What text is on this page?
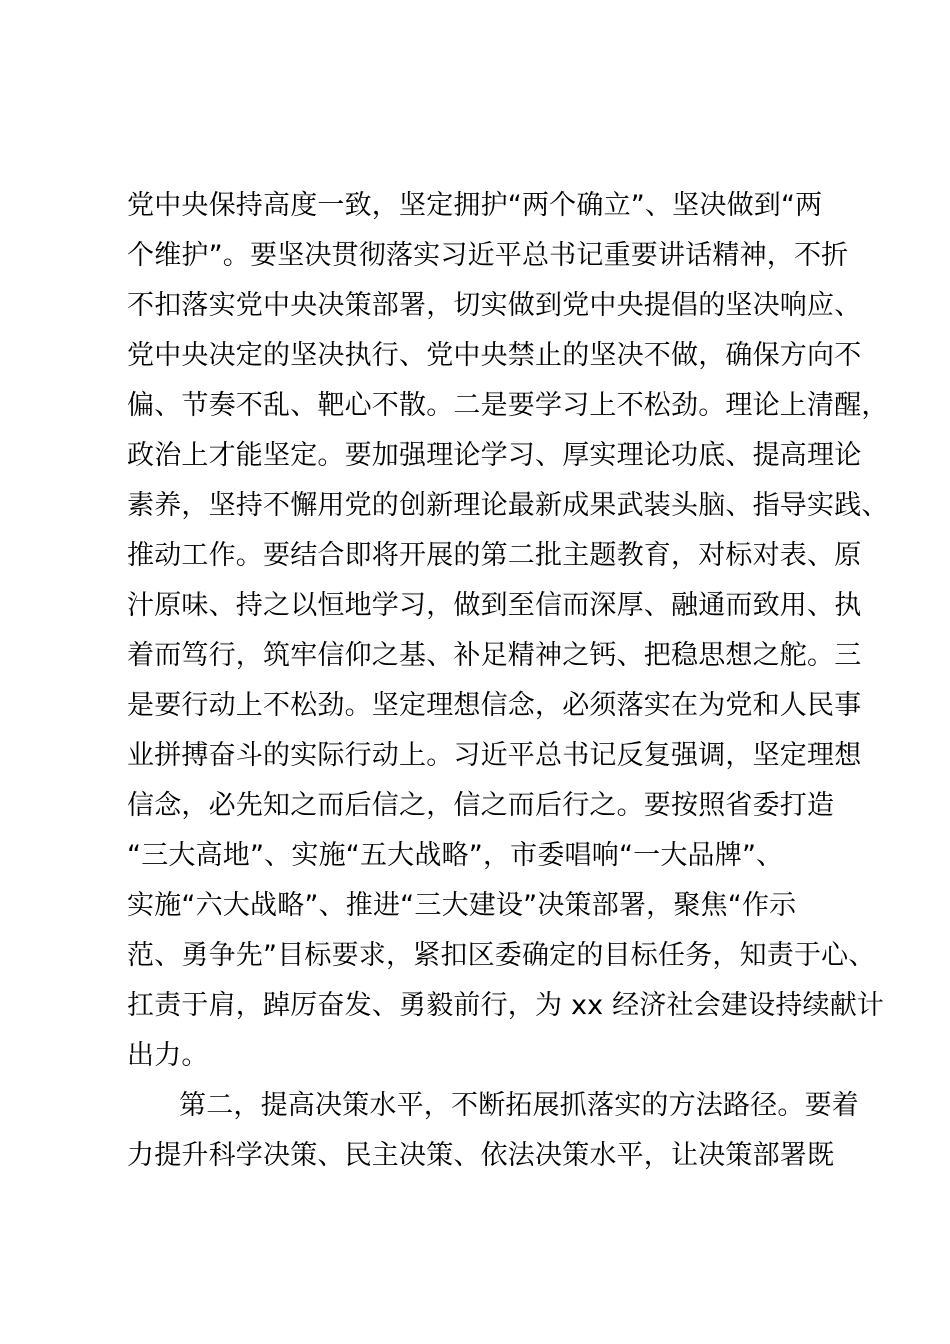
党中央保持高度一致，坚定拥护“两个确立”、坚决做到“两
个维护”。要坚决贯彻落实习近平总书记重要讲话精神，不折
不扣落实党中央决策部署，切实做到党中央提倡的坚决响应、
党中央决定的坚决执行、党中央禁止的坚决不做，确保方向不
偏、节奏不乱、靶心不散。二是要学习上不松劲。理论上清醒，
政治上才能坚定。要加强理论学习、厚实理论功底、提高理论
素养，坚持不懈用党的创新理论最新成果武装头脑、指导实践、
推动工作。要结合即将开展的第二批主题教育，对标对表、原
汁原味、持之以恒地学习，做到至信而深厚、融通而致用、执
着而笃行，筑牢信仰之基、补足精神之钙、把稳思想之舵。三
是要行动上不松劲。坚定理想信念，必须落实在为党和人民事
业拼搏奋斗的实际行动上。习近平总书记反复强调，坚定理想
信念，必先知之而后信之，信之而后行之。要按照省委打造
“三大高地”、实施“五大战略”，市委唱响“一大品牌”、
实施“六大战略”、推进“三大建设”决策部署，聚焦“作示
范、勇争先”目标要求，紧扣区委确定的目标任务，知责于心、
扛责于肩，踔厉奋发、勇毅前行，为 xx 经济社会建设持续献计
出力。
第二，提高决策水平，不断拓展抓落实的方法路径。要着
力提升科学决策、民主决策、依法决策水平，让决策部署既
